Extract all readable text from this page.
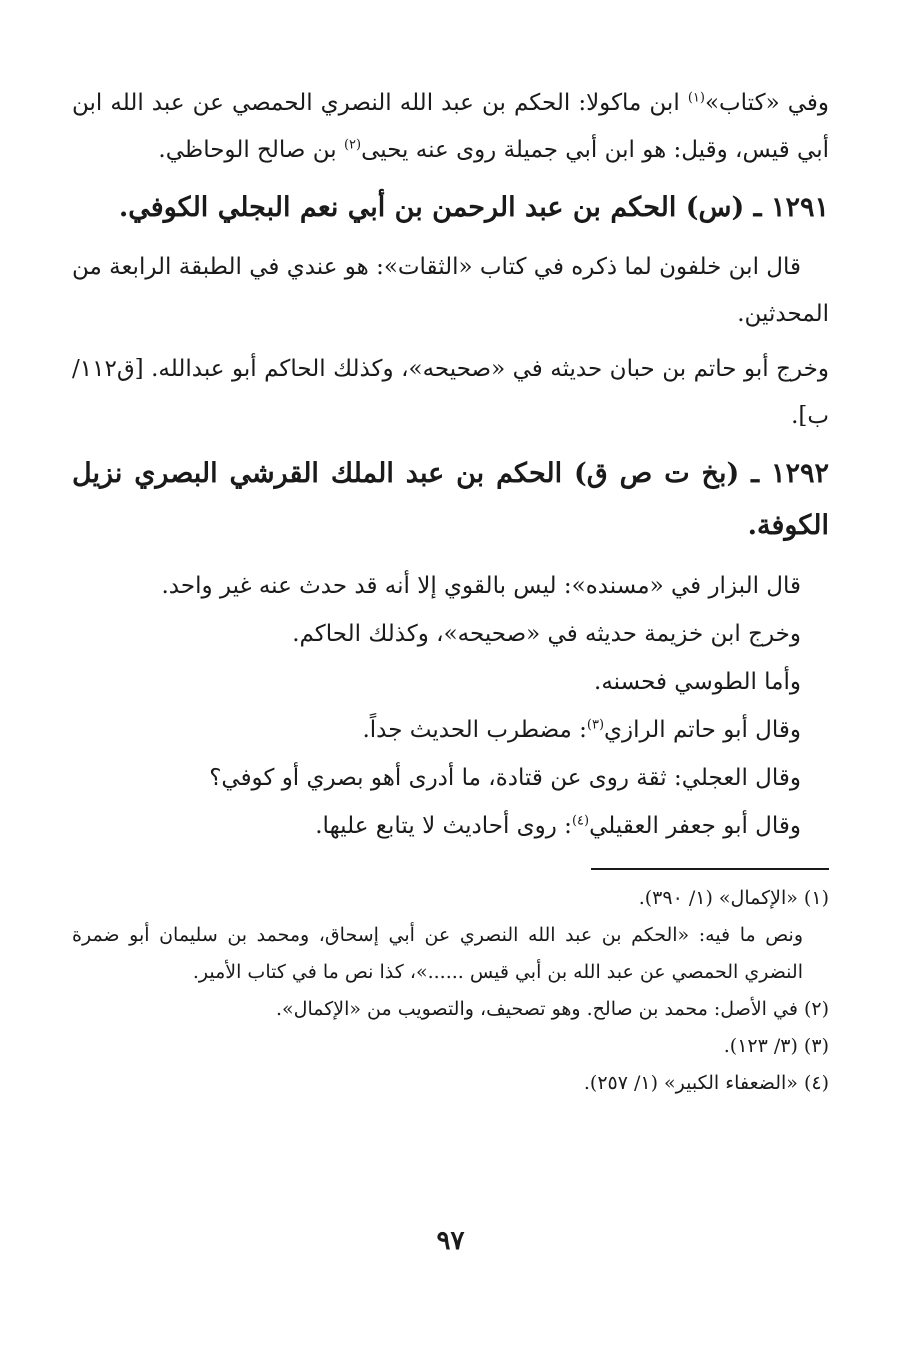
وفي «كتاب»$^{(١)}$ ابن ماكولا: الحكم بن عبد الله النصري الحمصي عن عبد الله ابن أبي قيس، وقيل: هو ابن أبي جميلة روى عنه يحيى$^{(٢)}$ بن صالح الوحاظي.

١٢٩١ ـ (س) الحكم بن عبد الرحمن بن أبي نعم البجلي الكوفي.

قال ابن خلفون لما ذكره في كتاب «الثقات»: هو عندي في الطبقة الرابعة من المحدثين.

وخرج أبو حاتم بن حبان حديثه في «صحيحه»، وكذلك الحاكم أبو عبدالله. [ق١١٢/ب].

١٢٩٢ ـ (بخ ت ص ق) الحكم بن عبد الملك القرشي البصري نزيل الكوفة.

قال البزار في «مسنده»: ليس بالقوي إلا أنه قد حدث عنه غير واحد.

وخرج ابن خزيمة حديثه في «صحيحه»، وكذلك الحاكم.

وأما الطوسي فحسنه.

وقال أبو حاتم الرازي$^{(٣)}$: مضطرب الحديث جداً.

وقال العجلي: ثقة روى عن قتادة، ما أدرى أهو بصري أو كوفي؟

وقال أبو جعفر العقيلي$^{(٤)}$: روى أحاديث لا يتابع عليها.

(١) «الإكمال» (١/ ٣٩٠).

ونص ما فيه: «الحكم بن عبد الله النصري عن أبي إسحاق، ومحمد بن سليمان أبو ضمرة النضري الحمصي عن عبد الله بن أبي قيس ......»، كذا نص ما في كتاب الأمير.

(٢) في الأصل: محمد بن صالح. وهو تصحيف، والتصويب من «الإكمال».

(٣) (٣/ ١٢٣).

(٤) «الضعفاء الكبير» (١/ ٢٥٧).

٩٧
